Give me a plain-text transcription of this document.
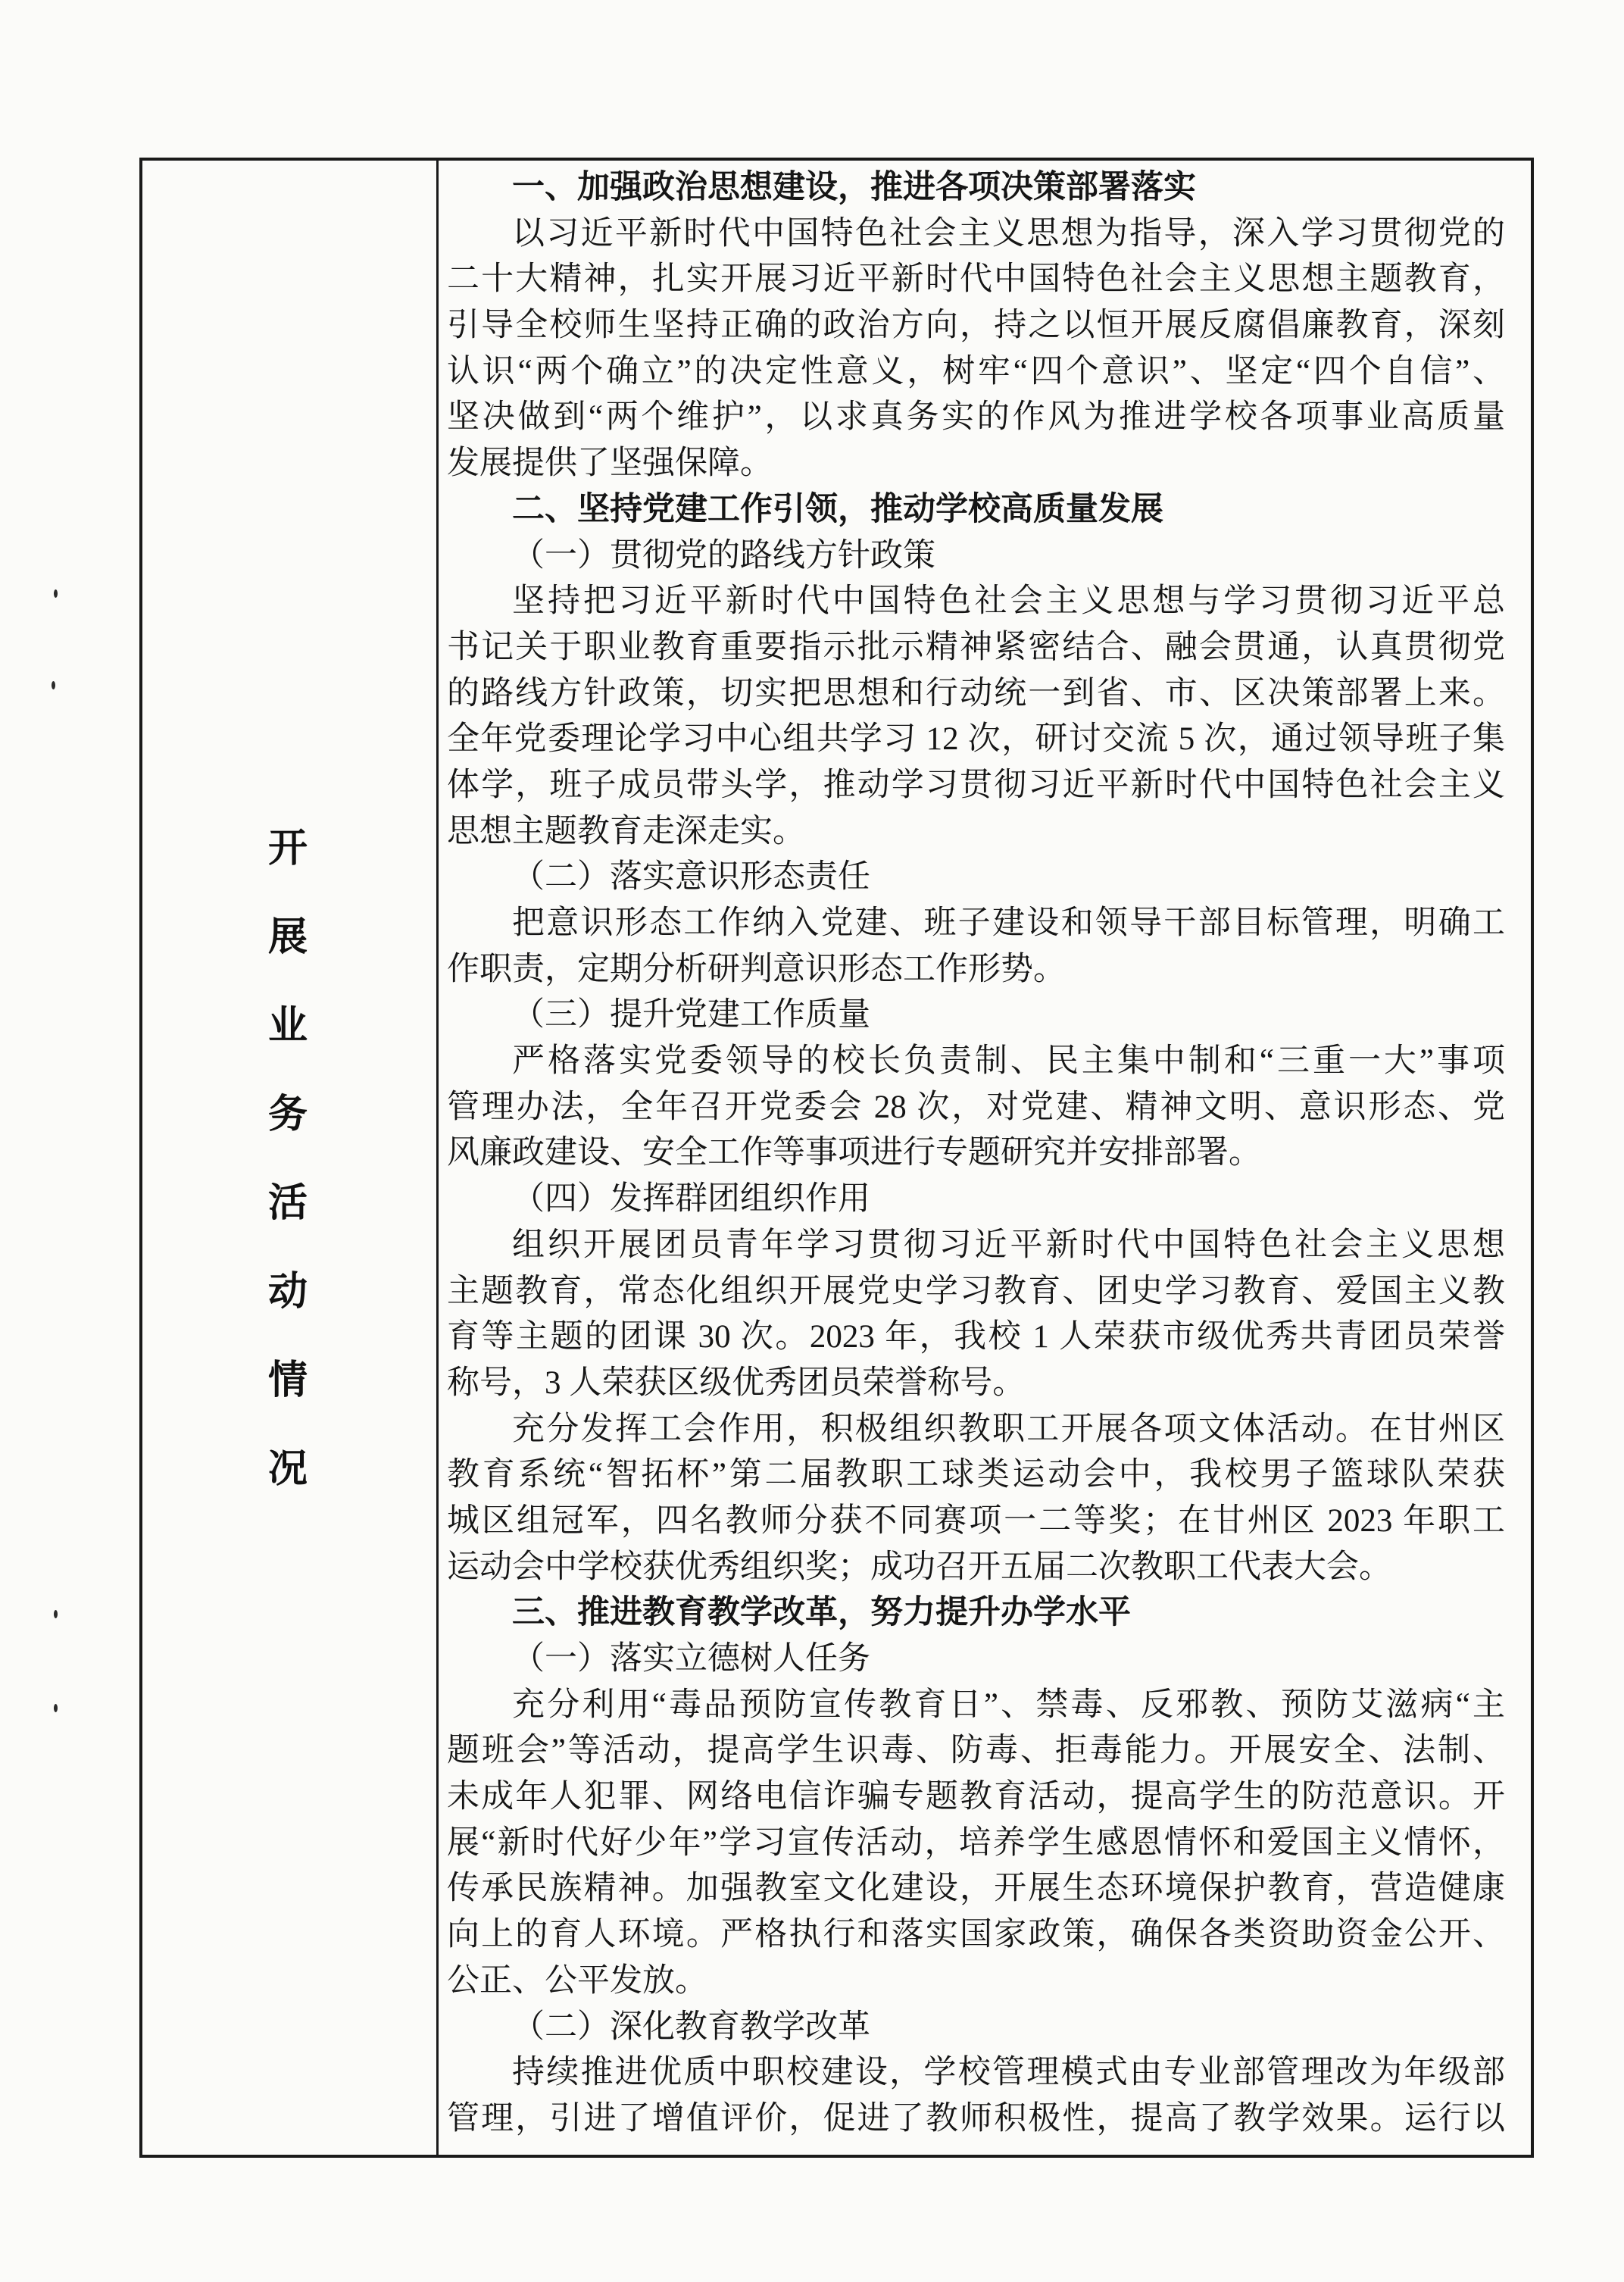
开展业务活动情况
一、加强政治思想建设，推进各项决策部署落实
以习近平新时代中国特色社会主义思想为指导，深入学习贯彻党的
二十大精神，扎实开展习近平新时代中国特色社会主义思想主题教育，
引导全校师生坚持正确的政治方向，持之以恒开展反腐倡廉教育，深刻
认识“两个确立”的决定性意义，树牢“四个意识”、坚定“四个自信”、
坚决做到“两个维护”，以求真务实的作风为推进学校各项事业高质量
发展提供了坚强保障。
二、坚持党建工作引领，推动学校高质量发展
（一）贯彻党的路线方针政策
坚持把习近平新时代中国特色社会主义思想与学习贯彻习近平总
书记关于职业教育重要指示批示精神紧密结合、融会贯通，认真贯彻党
的路线方针政策，切实把思想和行动统一到省、市、区决策部署上来。
全年党委理论学习中心组共学习 12 次，研讨交流 5 次，通过领导班子集
体学，班子成员带头学，推动学习贯彻习近平新时代中国特色社会主义
思想主题教育走深走实。
（二）落实意识形态责任
把意识形态工作纳入党建、班子建设和领导干部目标管理，明确工
作职责，定期分析研判意识形态工作形势。
（三）提升党建工作质量
严格落实党委领导的校长负责制、民主集中制和“三重一大”事项
管理办法，全年召开党委会 28 次，对党建、精神文明、意识形态、党
风廉政建设、安全工作等事项进行专题研究并安排部署。
（四）发挥群团组织作用
组织开展团员青年学习贯彻习近平新时代中国特色社会主义思想
主题教育，常态化组织开展党史学习教育、团史学习教育、爱国主义教
育等主题的团课 30 次。2023 年，我校 1 人荣获市级优秀共青团员荣誉
称号，3 人荣获区级优秀团员荣誉称号。
充分发挥工会作用，积极组织教职工开展各项文体活动。在甘州区
教育系统“智拓杯”第二届教职工球类运动会中，我校男子篮球队荣获
城区组冠军，四名教师分获不同赛项一二等奖；在甘州区 2023 年职工
运动会中学校获优秀组织奖；成功召开五届二次教职工代表大会。
三、推进教育教学改革，努力提升办学水平
（一）落实立德树人任务
充分利用“毒品预防宣传教育日”、禁毒、反邪教、预防艾滋病“主
题班会”等活动，提高学生识毒、防毒、拒毒能力。开展安全、法制、
未成年人犯罪、网络电信诈骗专题教育活动，提高学生的防范意识。开
展“新时代好少年”学习宣传活动，培养学生感恩情怀和爱国主义情怀，
传承民族精神。加强教室文化建设，开展生态环境保护教育，营造健康
向上的育人环境。严格执行和落实国家政策，确保各类资助资金公开、
公正、公平发放。
（二）深化教育教学改革
持续推进优质中职校建设，学校管理模式由专业部管理改为年级部
管理，引进了增值评价，促进了教师积极性，提高了教学效果。运行以
